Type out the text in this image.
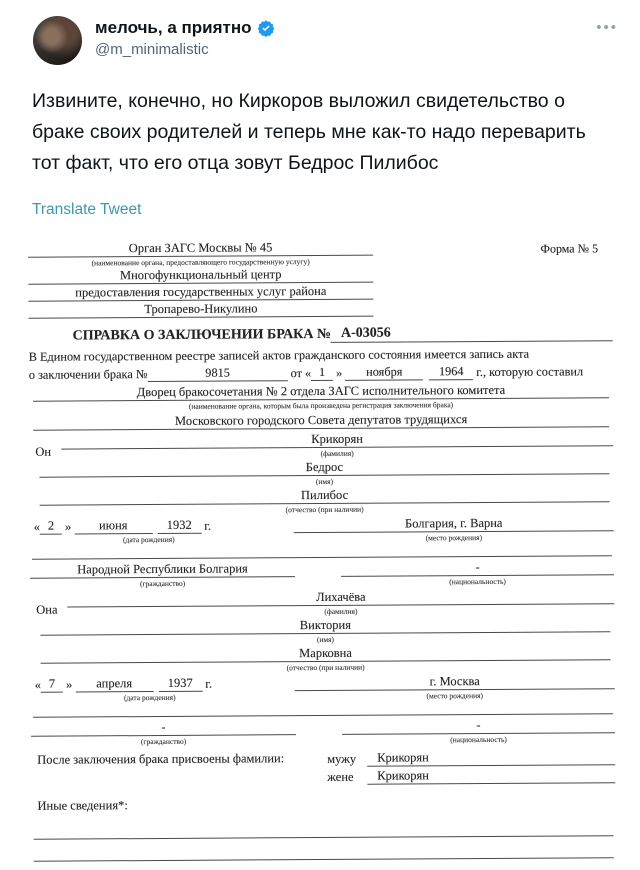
мелочь, а приятно
@m_minimalistic
•••
Извините, конечно, но Киркоров выложил свидетельство о браке своих родителей и теперь мне как-то надо переварить тот факт, что его отца зовут Бедрос Пилибос
Translate Tweet
Орган ЗАГС Москвы № 45
(наименование органа, предоставляющего государственную услугу)
Многофункциональный центр
предоставления государственных услуг района
Тропарево-Никулино
Форма № 5
СПРАВКА О ЗАКЛЮЧЕНИИ БРАКА № А-03056
В Едином государственном реестре записей актов гражданского состояния имеется запись акта
о заключении брака №	9815	от « 1 »	ноября	1964	г., которую составил
Дворец бракосочетания № 2 отдела ЗАГС исполнительного комитета
(наименование органа, которым была произведена регистрация заключения брака)
Московского городского Совета депутатов трудящихся
Он
Крикорян
(фамилия)
Бедрос
(имя)
Пилибос
(отчество (при наличии)
« 2 »	июня	1932 г.
(дата рождения)
Болгария, г. Варна
(место рождения)
Народной Республики Болгария
(гражданство)
-
(национальность)
Она
Лихачёва
(фамилия)
Виктория
(имя)
Марковна
(отчество (при наличии)
« 7 »	апреля	1937 г.
(дата рождения)
г. Москва
(место рождения)
-
(гражданство)
-
(национальность)
После заключения брака присвоены фамилии:	мужу	Крикорян
жене	Крикорян
Иные сведения*:
